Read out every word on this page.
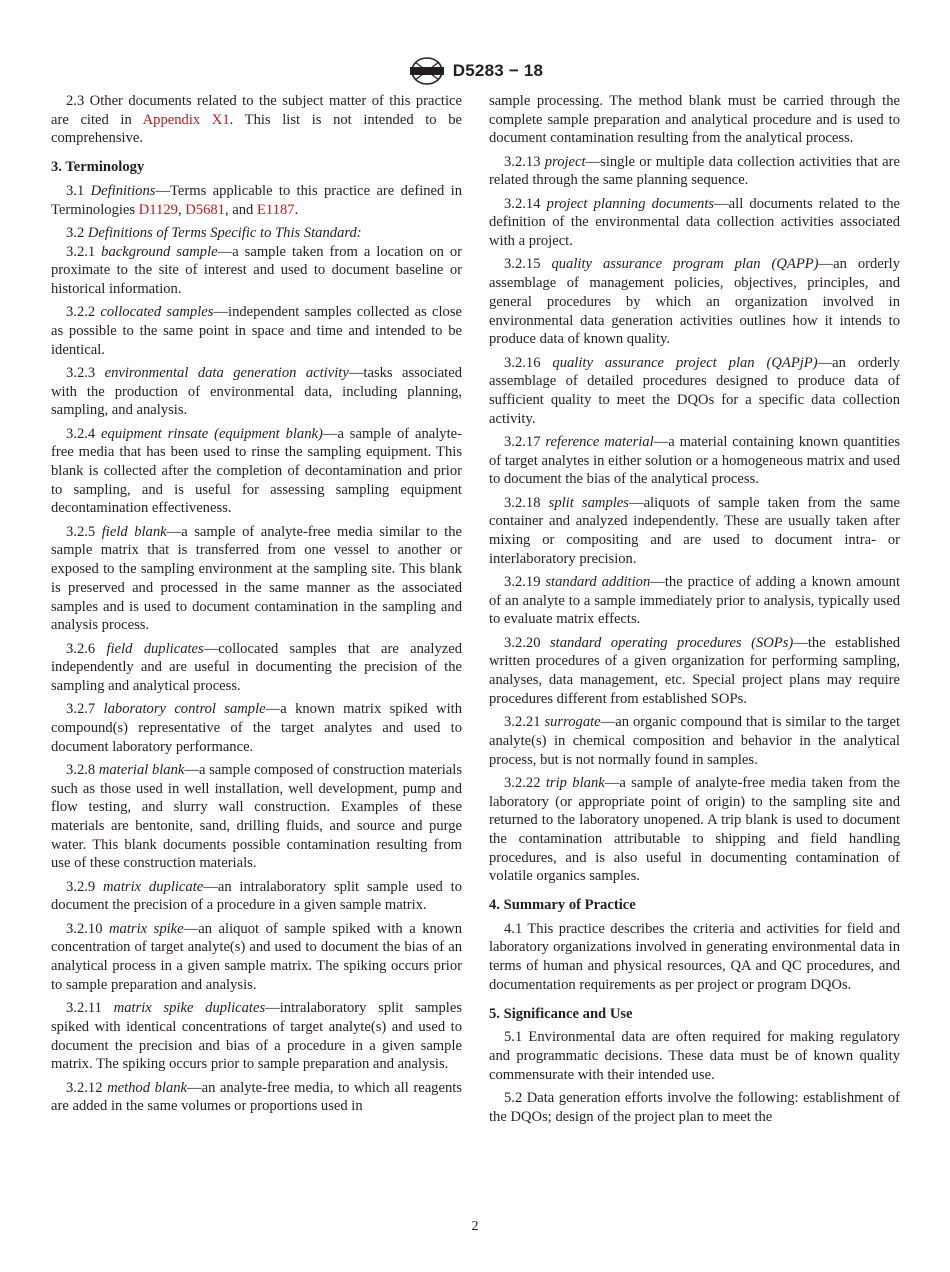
D5283 − 18

2.3 Other documents related to the subject matter of this practice are cited in Appendix X1. This list is not intended to be comprehensive.

3. Terminology

3.1 Definitions—Terms applicable to this practice are defined in Terminologies D1129, D5681, and E1187.

3.2 Definitions of Terms Specific to This Standard:

3.2.1 background sample—a sample taken from a location on or proximate to the site of interest and used to document baseline or historical information.

3.2.2 collocated samples—independent samples collected as close as possible to the same point in space and time and intended to be identical.

3.2.3 environmental data generation activity—tasks associated with the production of environmental data, including planning, sampling, and analysis.

3.2.4 equipment rinsate (equipment blank)—a sample of analyte-free media that has been used to rinse the sampling equipment. This blank is collected after the completion of decontamination and prior to sampling, and is useful for assessing sampling equipment decontamination effectiveness.

3.2.5 field blank—a sample of analyte-free media similar to the sample matrix that is transferred from one vessel to another or exposed to the sampling environment at the sampling site. This blank is preserved and processed in the same manner as the associated samples and is used to document contamination in the sampling and analysis process.

3.2.6 field duplicates—collocated samples that are analyzed independently and are useful in documenting the precision of the sampling and analytical process.

3.2.7 laboratory control sample—a known matrix spiked with compound(s) representative of the target analytes and used to document laboratory performance.

3.2.8 material blank—a sample composed of construction materials such as those used in well installation, well development, pump and flow testing, and slurry wall construction. Examples of these materials are bentonite, sand, drilling fluids, and source and purge water. This blank documents possible contamination resulting from use of these construction materials.

3.2.9 matrix duplicate—an intralaboratory split sample used to document the precision of a procedure in a given sample matrix.

3.2.10 matrix spike—an aliquot of sample spiked with a known concentration of target analyte(s) and used to document the bias of an analytical process in a given sample matrix. The spiking occurs prior to sample preparation and analysis.

3.2.11 matrix spike duplicates—intralaboratory split samples spiked with identical concentrations of target analyte(s) and used to document the precision and bias of a procedure in a given sample matrix. The spiking occurs prior to sample preparation and analysis.

3.2.12 method blank—an analyte-free media, to which all reagents are added in the same volumes or proportions used in

sample processing. The method blank must be carried through the complete sample preparation and analytical procedure and is used to document contamination resulting from the analytical process.

3.2.13 project—single or multiple data collection activities that are related through the same planning sequence.

3.2.14 project planning documents—all documents related to the definition of the environmental data collection activities associated with a project.

3.2.15 quality assurance program plan (QAPP)—an orderly assemblage of management policies, objectives, principles, and general procedures by which an organization involved in environmental data generation activities outlines how it intends to produce data of known quality.

3.2.16 quality assurance project plan (QAPjP)—an orderly assemblage of detailed procedures designed to produce data of sufficient quality to meet the DQOs for a specific data collection activity.

3.2.17 reference material—a material containing known quantities of target analytes in either solution or a homogeneous matrix and used to document the bias of the analytical process.

3.2.18 split samples—aliquots of sample taken from the same container and analyzed independently. These are usually taken after mixing or compositing and are used to document intra- or interlaboratory precision.

3.2.19 standard addition—the practice of adding a known amount of an analyte to a sample immediately prior to analysis, typically used to evaluate matrix effects.

3.2.20 standard operating procedures (SOPs)—the established written procedures of a given organization for performing sampling, analyses, data management, etc. Special project plans may require procedures different from established SOPs.

3.2.21 surrogate—an organic compound that is similar to the target analyte(s) in chemical composition and behavior in the analytical process, but is not normally found in samples.

3.2.22 trip blank—a sample of analyte-free media taken from the laboratory (or appropriate point of origin) to the sampling site and returned to the laboratory unopened. A trip blank is used to document the contamination attributable to shipping and field handling procedures, and is also useful in documenting contamination of volatile organics samples.

4. Summary of Practice

4.1 This practice describes the criteria and activities for field and laboratory organizations involved in generating environmental data in terms of human and physical resources, QA and QC procedures, and documentation requirements as per project or program DQOs.

5. Significance and Use

5.1 Environmental data are often required for making regulatory and programmatic decisions. These data must be of known quality commensurate with their intended use.

5.2 Data generation efforts involve the following: establishment of the DQOs; design of the project plan to meet the

2
